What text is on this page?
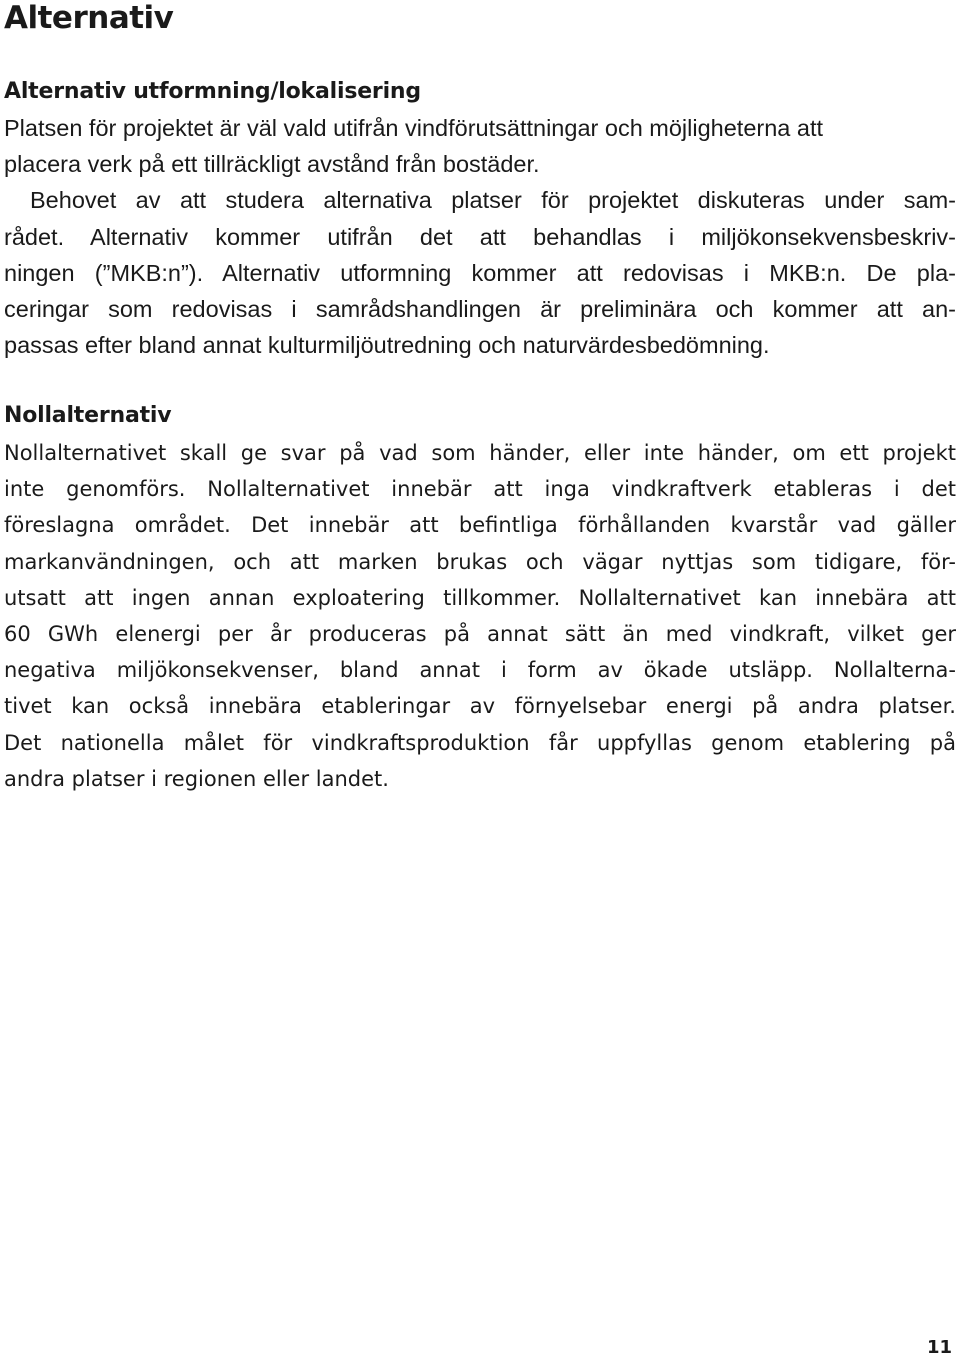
Alternativ
Alternativ utformning/lokalisering
Platsen för projektet är väl vald utifrån vindförutsättningar och möjligheterna att
placera verk på ett tillräckligt avstånd från bostäder.
Behovet av att studera alternativa platser för projektet diskuteras under sam-
rådet. Alternativ kommer utifrån det att behandlas i miljökonsekvensbeskriv-
ningen (”MKB:n”). Alternativ utformning kommer att redovisas i MKB:n. De pla-
ceringar som redovisas i samrådshandlingen är preliminära och kommer att an-
passas efter bland annat kulturmiljöutredning och naturvärdesbedömning.
Nollalternativ
Nollalternativet skall ge svar på vad som händer, eller inte händer, om ett projekt
inte genomförs. Nollalternativet innebär att inga vindkraftverk etableras i det
föreslagna området. Det innebär att befintliga förhållanden kvarstår vad gäller
markanvändningen, och att marken brukas och vägar nyttjas som tidigare, för-
utsatt att ingen annan exploatering tillkommer. Nollalternativet kan innebära att
60 GWh elenergi per år produceras på annat sätt än med vindkraft, vilket ger
negativa miljökonsekvenser, bland annat i form av ökade utsläpp. Nollalterna-
tivet kan också innebära etableringar av förnyelsebar energi på andra platser.
Det nationella målet för vindkraftsproduktion får uppfyllas genom etablering på
andra platser i regionen eller landet.

11
